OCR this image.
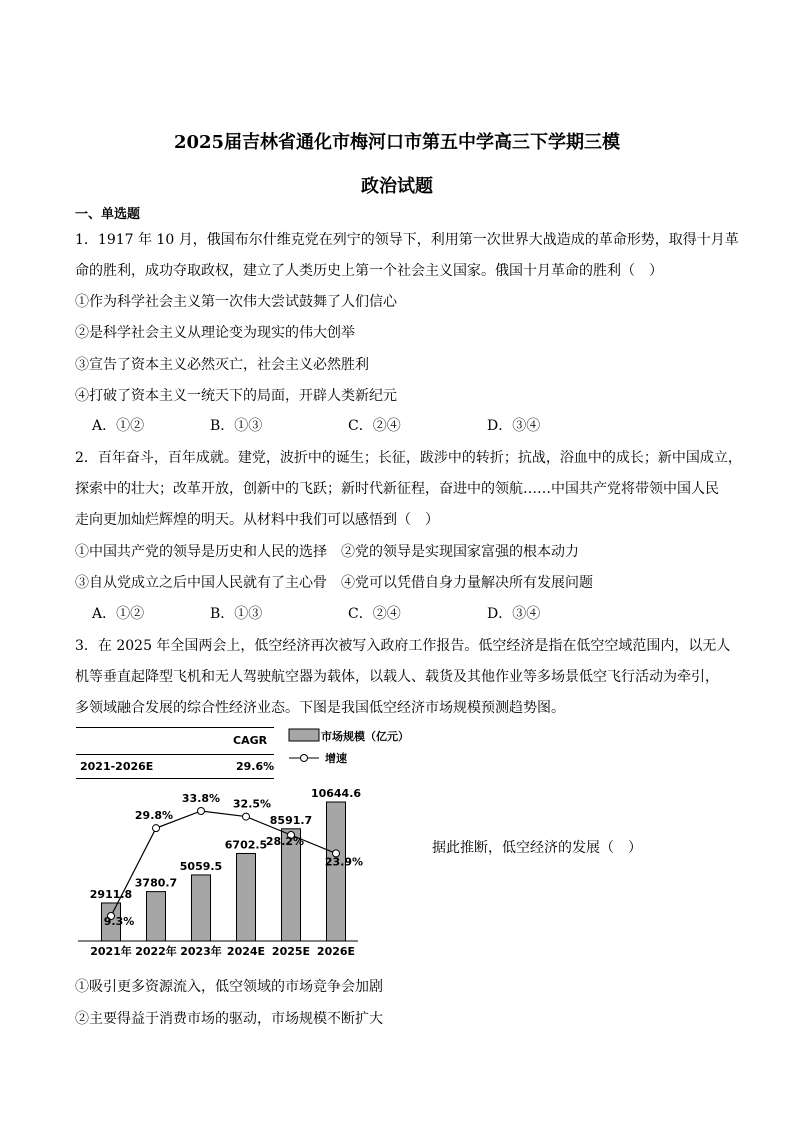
2025届吉林省通化市梅河口市第五中学高三下学期三模
政治试题
一、单选题
1．1917 年 10 月，俄国布尔什维克党在列宁的领导下，利用第一次世界大战造成的革命形势，取得十月革
命的胜利，成功夺取政权，建立了人类历史上第一个社会主义国家。俄国十月革命的胜利（　）
①作为科学社会主义第一次伟大尝试鼓舞了人们信心
②是科学社会主义从理论变为现实的伟大创举
③宣告了资本主义必然灭亡，社会主义必然胜利
④打破了资本主义一统天下的局面，开辟人类新纪元
A．①②	B．①③	C．②④	D．③④
2．百年奋斗，百年成就。建党，波折中的诞生；长征，跋涉中的转折；抗战，浴血中的成长；新中国成立，
探索中的壮大；改革开放，创新中的飞跃；新时代新征程，奋进中的领航……中国共产党将带领中国人民
走向更加灿烂辉煌的明天。从材料中我们可以感悟到（　）
①中国共产党的领导是历史和人民的选择　②党的领导是实现国家富强的根本动力
③自从党成立之后中国人民就有了主心骨　④党可以凭借自身力量解决所有发展问题
A．①②	B．①③	C．②④	D．③④
3．在 2025 年全国两会上，低空经济再次被写入政府工作报告。低空经济是指在低空空域范围内，以无人
机等垂直起降型飞机和无人驾驶航空器为载体，以载人、载货及其他作业等多场景低空飞行活动为牵引，
多领域融合发展的综合性经济业态。下图是我国低空经济市场规模预测趋势图。
CAGR
2021-2026E	29.6%
2911.8
3780.7
5059.5
6702.5
8591.7
10644.6
2021年 2022年 2023年 2024E 2025E 2026E
9.3%
29.8%
33.8% 32.5%
28.2%
23.9%
市场规模（亿元）
增速
据此推断，低空经济的发展（　）
①吸引更多资源流入，低空领域的市场竞争会加剧
②主要得益于消费市场的驱动，市场规模不断扩大
